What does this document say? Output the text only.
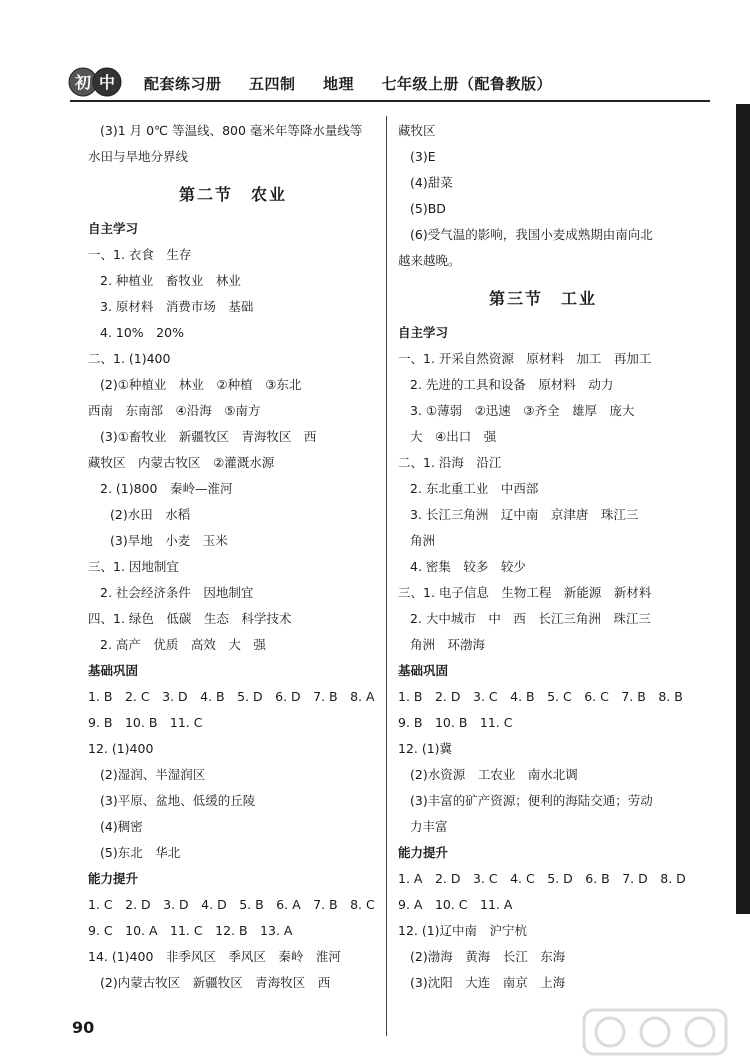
初 中 配套练习册 五四制 地理 七年级上册（配鲁教版）
(3)1 月 0℃ 等温线、800 毫米年等降水量线等
水田与旱地分界线
第二节　农业
自主学习
一、1. 衣食　生存
2. 种植业　畜牧业　林业
3. 原材料　消费市场　基础
4. 10%　20%
二、1. (1)400
(2)①种植业　林业　②种植　③东北
西南　东南部　④沿海　⑤南方
(3)①畜牧业　新疆牧区　青海牧区　西
藏牧区　内蒙古牧区　②灌溉水源
2. (1)800　秦岭—淮河
(2)水田　水稻
(3)旱地　小麦　玉米
三、1. 因地制宜
2. 社会经济条件　因地制宜
四、1. 绿色　低碳　生态　科学技术
2. 高产　优质　高效　大　强
基础巩固
1. B　2. C　3. D　4. B　5. D　6. D　7. B　8. A
9. B　10. B　11. C
12. (1)400
(2)湿润、半湿润区
(3)平原、盆地、低缓的丘陵
(4)稠密
(5)东北　华北
能力提升
1. C　2. D　3. D　4. D　5. B　6. A　7. B　8. C
9. C　10. A　11. C　12. B　13. A
14. (1)400　非季风区　季风区　秦岭　淮河
(2)内蒙古牧区　新疆牧区　青海牧区　西
藏牧区
(3)E
(4)甜菜
(5)BD
(6)受气温的影响，我国小麦成熟期由南向北
越来越晚。
第三节　工业
自主学习
一、1. 开采自然资源　原材料　加工　再加工
2. 先进的工具和设备　原材料　动力
3. ①薄弱　②迅速　③齐全　雄厚　庞大
大　④出口　强
二、1. 沿海　沿江
2. 东北重工业　中西部
3. 长江三角洲　辽中南　京津唐　珠江三
角洲
4. 密集　较多　较少
三、1. 电子信息　生物工程　新能源　新材料
2. 大中城市　中　西　长江三角洲　珠江三
角洲　环渤海
基础巩固
1. B　2. D　3. C　4. B　5. C　6. C　7. B　8. B
9. B　10. B　11. C
12. (1)冀
(2)水资源　工农业　南水北调
(3)丰富的矿产资源；便利的海陆交通；劳动
力丰富
能力提升
1. A　2. D　3. C　4. C　5. D　6. B　7. D　8. D
9. A　10. C　11. A
12. (1)辽中南　沪宁杭
(2)渤海　黄海　长江　东海
(3)沈阳　大连　南京　上海
90
